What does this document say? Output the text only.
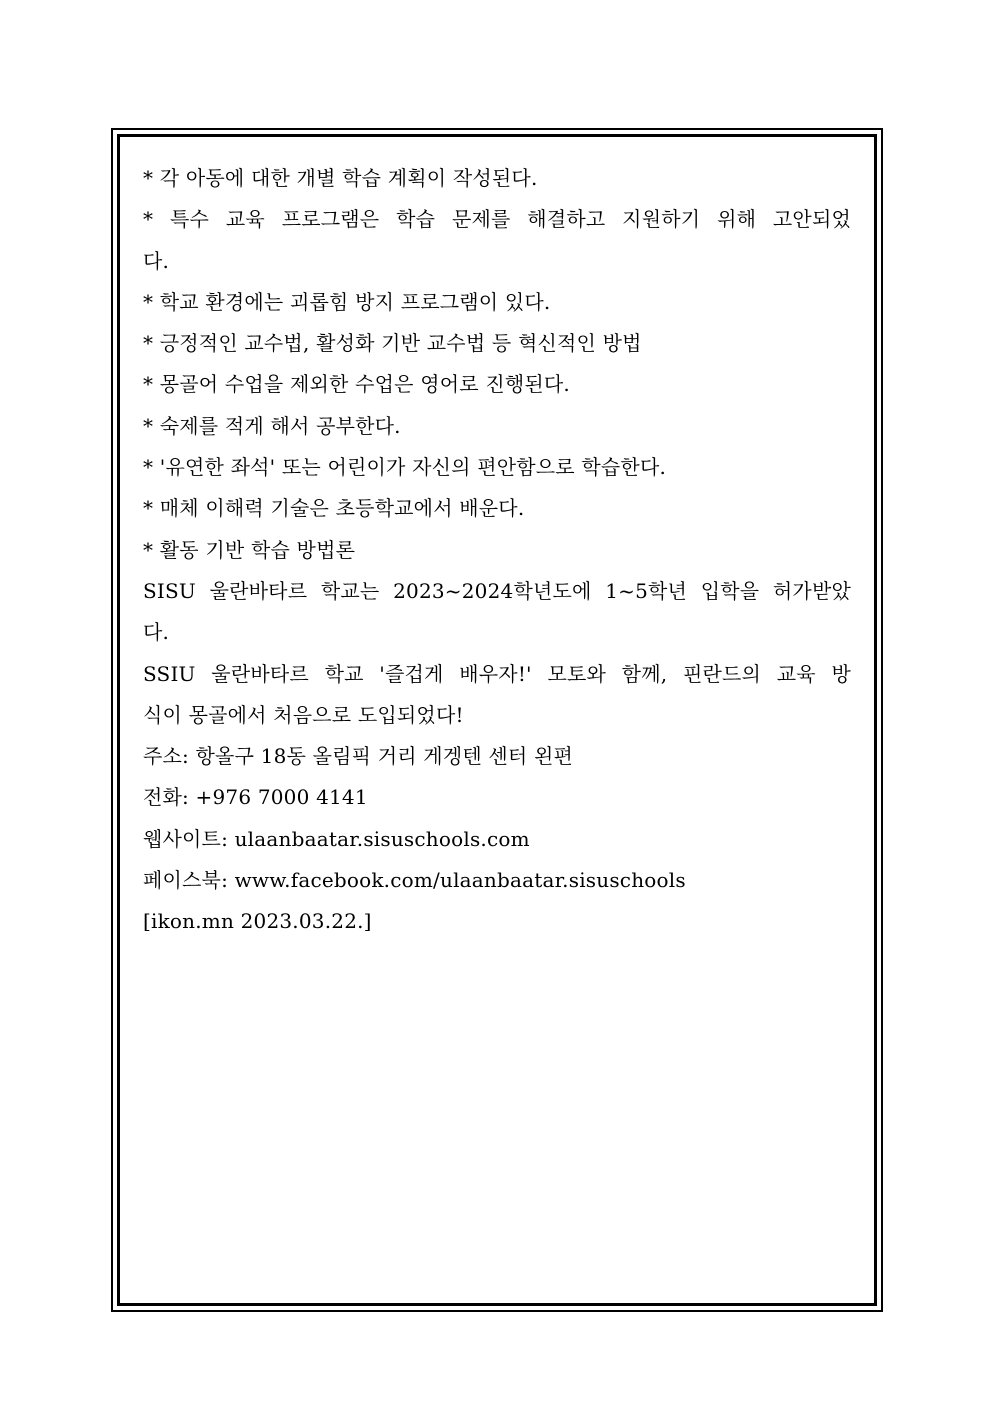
* 각 아동에 대한 개별 학습 계획이 작성된다.
* 특수 교육 프로그램은 학습 문제를 해결하고 지원하기 위해 고안되었
다.
* 학교 환경에는 괴롭힘 방지 프로그램이 있다.
* 긍정적인 교수법, 활성화 기반 교수법 등 혁신적인 방법
* 몽골어 수업을 제외한 수업은 영어로 진행된다.
* 숙제를 적게 해서 공부한다.
* '유연한 좌석' 또는 어린이가 자신의 편안함으로 학습한다.
* 매체 이해력 기술은 초등학교에서 배운다.
* 활동 기반 학습 방법론
SISU 울란바타르 학교는 2023~2024학년도에 1~5학년 입학을 허가받았
다.
SSIU 울란바타르 학교 '즐겁게 배우자!' 모토와 함께, 핀란드의 교육 방
식이 몽골에서 처음으로 도입되었다!
주소: 항올구 18동 올림픽 거리 게겡텐 센터 왼편
전화: +976 7000 4141
웹사이트: ulaanbaatar.sisuschools.com
페이스북: www.facebook.com/ulaanbaatar.sisuschools
[ikon.mn 2023.03.22.]
